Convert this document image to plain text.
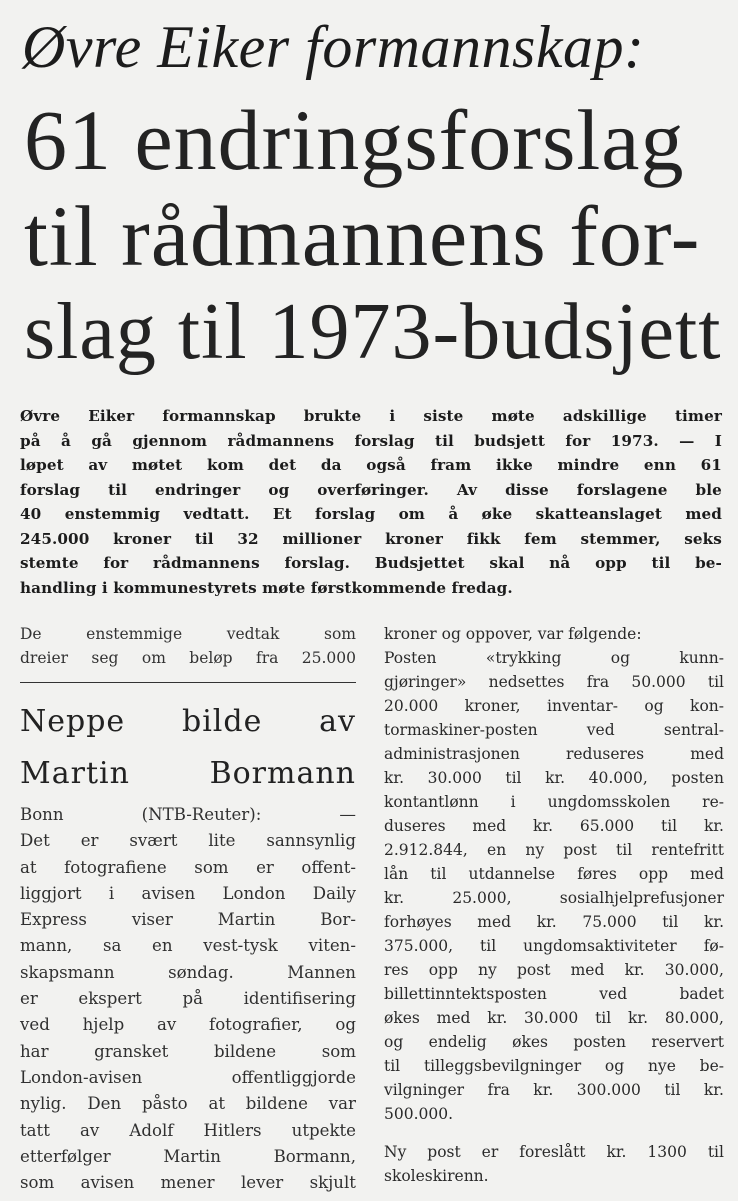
Øvre Eiker formannskap:
61 endringsforslag
til rådmannens for-
slag til 1973-budsjett
Øvre Eiker formannskap brukte i siste møte adskillige timer
på å gå gjennom rådmannens forslag til budsjett for 1973. — I
løpet av møtet kom det da også fram ikke mindre enn 61
forslag til endringer og overføringer. Av disse forslagene ble
40 enstemmig vedtatt. Et forslag om å øke skatteanslaget med
245.000 kroner til 32 millioner kroner fikk fem stemmer, seks
stemte for rådmannens forslag. Budsjettet skal nå opp til be-
handling i kommunestyrets møte førstkommende fredag.
De	enstemmige	vedtak	som
dreier seg om beløp fra 25.000
Neppe bilde av
Martin	Bormann
Bonn	(NTB-Reuter):	—
Det er svært lite sannsynlig
at fotografiene som er offent-
liggjort i avisen London Daily
Express	viser	Martin	Bor-
mann, sa en vest-tysk viten-
skapsmann	søndag.	Mannen
er ekspert på identifisering
ved hjelp av fotografier, og
har	gransket	bildene	som
London-avisen	offentliggjorde
nylig. Den påsto at bildene var
tatt av Adolf Hitlers utpekte
etterfølger	Martin	Bormann,
som avisen mener lever skjult
kroner og oppover, var følgende:
Posten	«trykking	og	kunn-
gjøringer» nedsettes fra 50.000 til
20.000 kroner, inventar- og kon-
tormaskiner-posten	ved	sentral-
administrasjonen	reduseres	med
kr. 30.000 til kr. 40.000, posten
kontantlønn i ungdomsskolen re-
duseres med kr. 65.000 til kr.
2.912.844, en ny post til rentefritt
lån til utdannelse føres opp med
kr.	25.000,	sosialhjelprefusjoner
forhøyes med kr. 75.000 til kr.
375.000, til ungdomsaktiviteter fø-
res opp ny post med kr. 30.000,
billettinntektsposten	ved	badet
økes med kr. 30.000 til kr. 80.000,
og endelig økes posten reservert
til tilleggsbevilgninger og nye be-
vilgninger fra kr. 300.000 til kr.
500.000.
Ny post er foreslått kr. 1300 til
skoleskirenn.
